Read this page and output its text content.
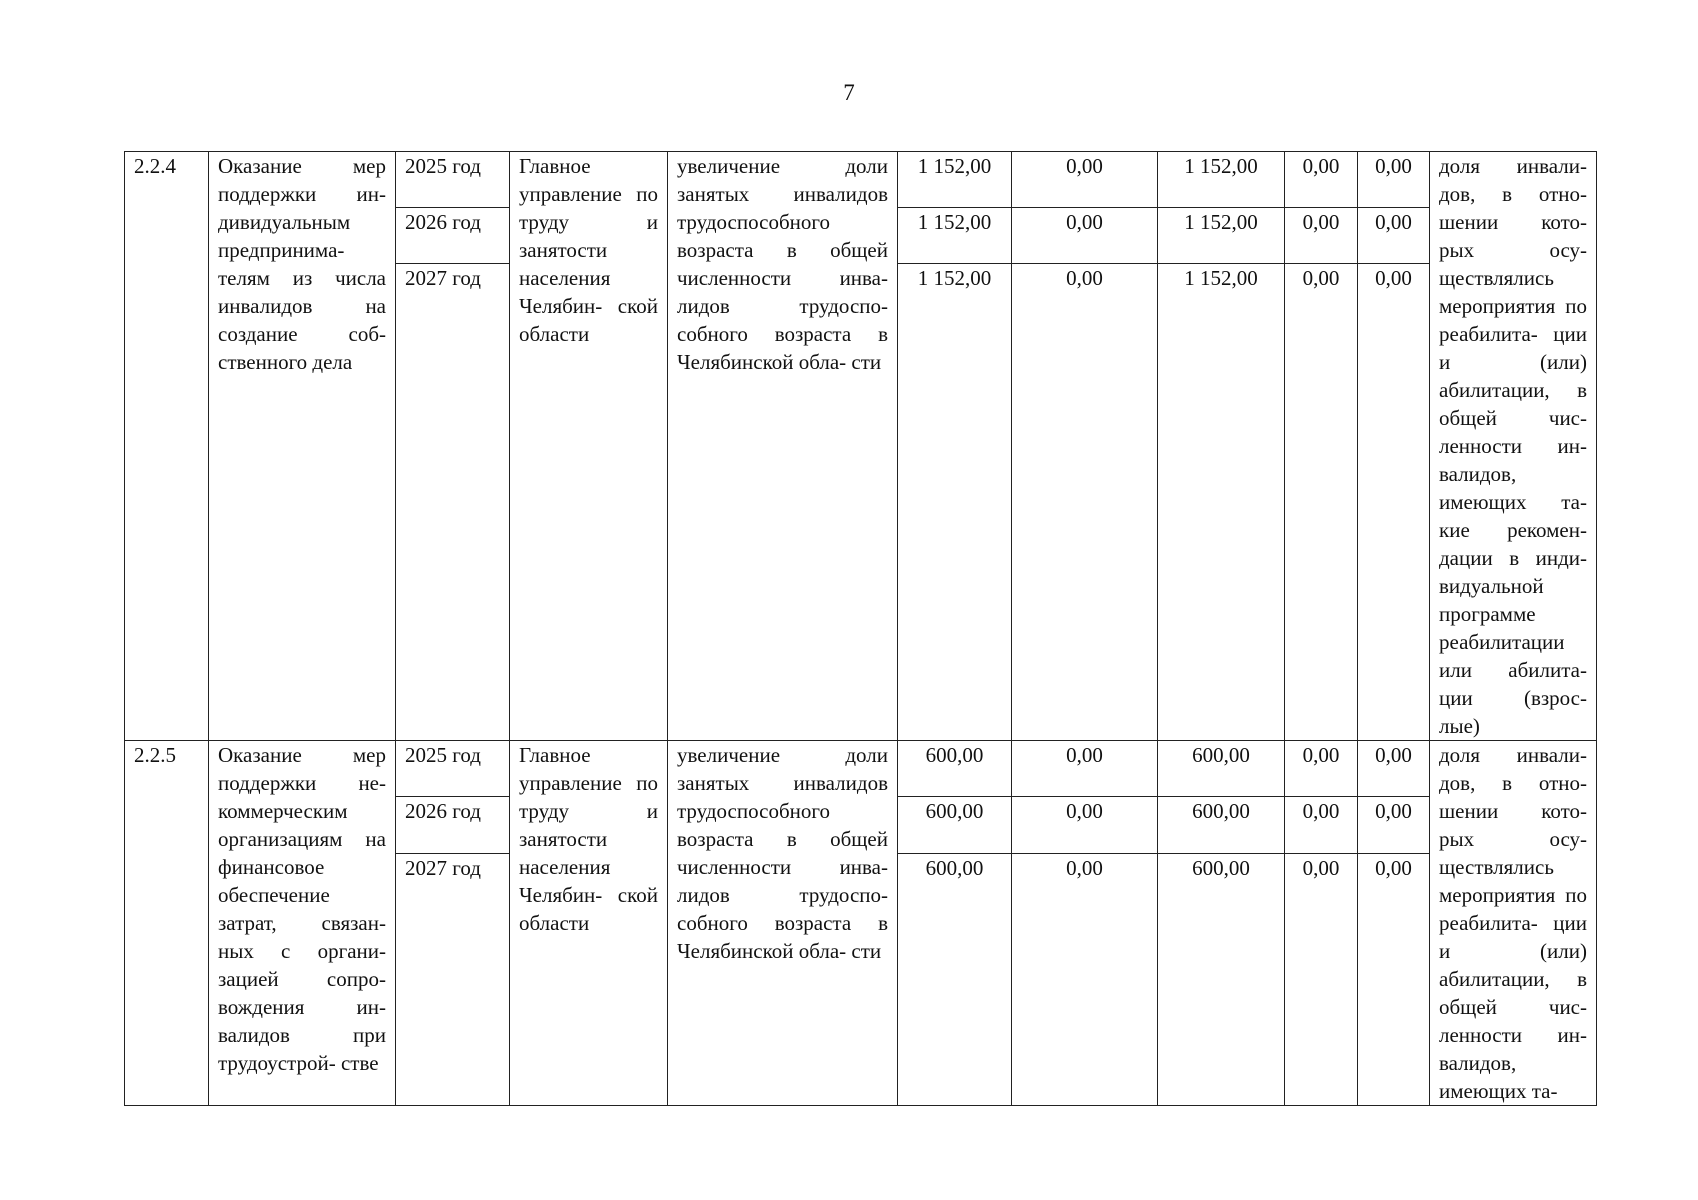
7
2.2.4	Оказание мер поддержки ин- дивидуальным предпринима- телям из числа инвалидов на создание соб- ственного дела	2025 год	Главное управление по труду и занятости населения Челябин- ской области	увеличение доли занятых инвалидов трудоспособного возраста в общей численности инва- лидов трудоспо- собного возраста в Челябинской обла- сти	1 152,00	0,00	1 152,00	0,00	0,00	доля инвали- дов, в отно- шении кото- рых осу- ществлялись мероприятия по реабилита- ции и (или) абилитации, в общей чис- ленности ин- валидов, имеющих та- кие рекомен- дации в инди- видуальной программе реабилитации или абилита- ции (взрос- лые)
		2026 год			1 152,00	0,00	1 152,00	0,00	0,00	
		2027 год			1 152,00	0,00	1 152,00	0,00	0,00	
2.2.5	Оказание мер поддержки не- коммерческим организациям на финансовое обеспечение затрат, связан- ных с органи- зацией сопро- вождения ин- валидов при трудоустрой- стве	2025 год	Главное управление по труду и занятости населения Челябин- ской области	увеличение доли занятых инвалидов трудоспособного возраста в общей численности инва- лидов трудоспо- собного возраста в Челябинской обла- сти	600,00	0,00	600,00	0,00	0,00	доля инвали- дов, в отно- шении кото- рых осу- ществлялись мероприятия по реабилита- ции и (или) абилитации, в общей чис- ленности ин- валидов, имеющих та-
		2026 год			600,00	0,00	600,00	0,00	0,00	
		2027 год			600,00	0,00	600,00	0,00	0,00	
